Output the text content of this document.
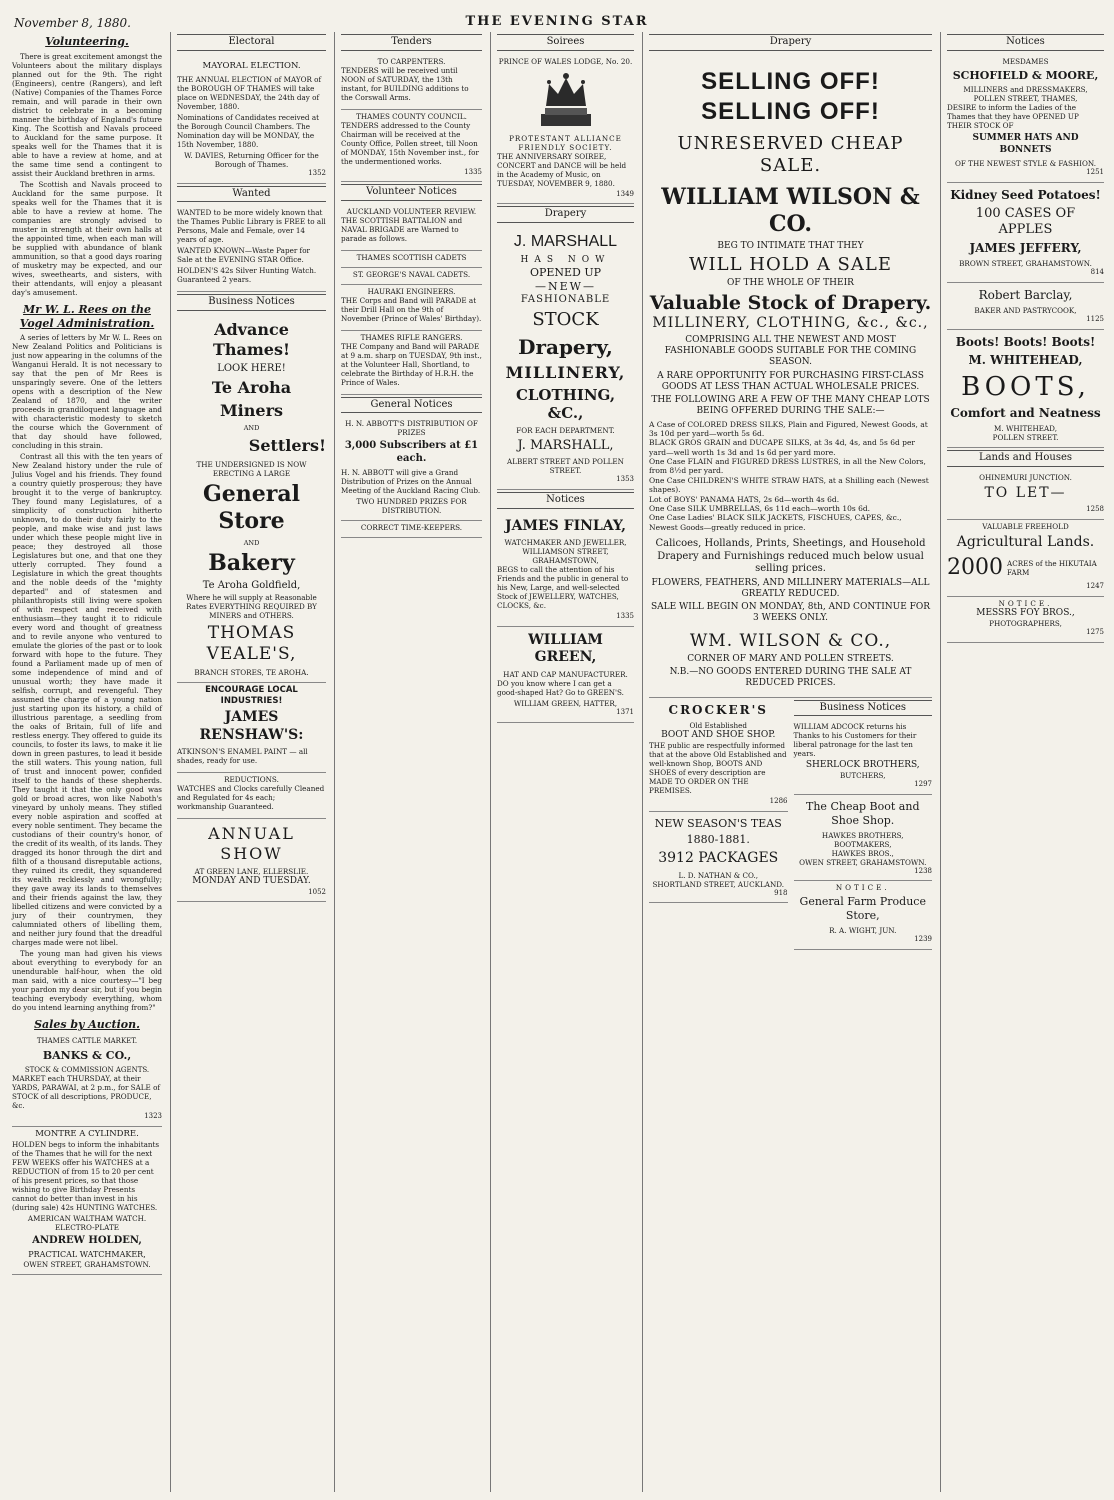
November 8, 1880.	THE EVENING STAR
Volunteering.

There is great excitement amongst the Volunteers about the military displays planned out for the 9th. The right (Engineers), centre (Rangers), and left (Native) Companies of the Thames Force remain, and will parade in their own district to celebrate in a becoming manner the birthday of England's future King. The Scottish and Navals proceed to Auckland for the same purpose. It speaks well for the Thames that it is able to have a review at home, and at the same time send a contingent to assist their Auckland brethren in arms.

The Scottish and Navals proceed to Auckland for the same purpose. It speaks well for the Thames that it is able to have a review at home. The companies are strongly advised to muster in strength at their own halls at the appointed time, when each man will be supplied with abundance of blank ammunition, so that a good days roaring of musketry may be expected, and our wives, sweethearts, and sisters, with their attendants, will enjoy a pleasant day's amusement.

Mr W. L. Rees on the Vogel Administration.

A series of letters by Mr W. L. Rees on New Zealand Politics and Politicians is just now appearing in the columns of the Wanganui Herald. It is not necessary to say that the pen of Mr Rees is unsparingly severe. One of the letters opens with a description of the New Zealand of 1870, and the writer proceeds in grandiloquent language and with characteristic modesty to sketch the course which the Government of that day should have followed, concluding in this strain.

Contrast all this with the ten years of New Zealand history under the rule of Julius Vogel and his friends. They found a country quietly prosperous; they have brought it to the verge of bankruptcy. They found many Legislatures, of a simplicity of construction hitherto unknown, to do their duty fairly to the people, and make wise and just laws under which these people might live in peace; they destroyed all those Legislatures but one, and that one they utterly corrupted. They found a Legislature in which the great thoughts and the noble deeds of the "mighty departed" and of statesmen and philanthropists still living were spoken of with respect and received with enthusiasm—they taught it to ridicule every word and thought of greatness and to revile anyone who ventured to emulate the glories of the past or to look forward with hope to the future. They found a Parliament made up of men of some independence of mind and of unusual worth; they have made it selfish, corrupt, and revengeful. They assumed the charge of a young nation just starting upon its history, a child of illustrious parentage, a seedling from the oaks of Britain, full of life and restless energy. They offered to guide its councils, to foster its laws, to make it lie down in green pastures, to lead it beside the still waters. This young nation, full of trust and innocent power, confided itself to the hands of these shepherds. They taught it that the only good was gold or broad acres, won like Naboth's vineyard by unholy means. They stifled every noble aspiration and scoffed at every noble sentiment. They became the custodians of their country's honor, of the credit of its wealth, of its lands. They dragged its honor through the dirt and filth of a thousand disreputable actions, they ruined its credit, they squandered its wealth recklessly and wrongfully; they gave away its lands to themselves and their friends against the law, they libelled citizens and were convicted by a jury of their countrymen, they calumniated others of libelling them, and neither jury found that the dreadful charges made were not libel.

The young man had given his views about everything to everybody for an unendurable half-hour, when the old man said, with a nice courtesy—"I beg your pardon my dear sir, but if you begin teaching everybody everything, whom do you intend learning anything from?"

Sales by Auction.
THAMES CATTLE MARKET.
BANKS & CO.,
STOCK & COMMISSION AGENTS.

MARKET each THURSDAY, at their YARDS, PARAWAI, at 2 p.m., for SALE of STOCK of all descriptions, PRODUCE, &c.

1323
MONTRE A CYLINDRE.

HOLDEN begs to inform the inhabitants of the Thames that he will for the next FEW WEEKS offer his WATCHES at a REDUCTION of from 15 to 20 per cent of his present prices, so that those wishing to give Birthday Presents cannot do better than invest in his (during sale) 42s HUNTING WATCHES.

AMERICAN WALTHAM WATCH.
ELECTRO-PLATE
ANDREW HOLDEN,
PRACTICAL WATCHMAKER,
OWEN STREET, GRAHAMSTOWN.
Electoral
MAYORAL ELECTION.

THE ANNUAL ELECTION of MAYOR of the BOROUGH OF THAMES will take place on WEDNESDAY, the 24th day of November, 1880.

Nominations of Candidates received at the Borough Council Chambers. The Nomination day will be MONDAY, the 15th November, 1880.

W. DAVIES, Returning Officer for the Borough of Thames.
1352
Wanted

WANTED to be more widely known that the Thames Public Library is FREE to all Persons, Male and Female, over 14 years of age.

WANTED KNOWN—Waste Paper for Sale at the EVENING STAR Office.

HOLDEN'S 42s Silver Hunting Watch. Guaranteed 2 years.

Business Notices
Advance Thames!
LOOK HERE!
Te Aroha
Miners
AND
Settlers!
THE UNDERSIGNED IS NOW ERECTING A LARGE
General Store
AND
Bakery
Te Aroha Goldfield,
Where he will supply at Reasonable Rates EVERYTHING REQUIRED BY MINERS and OTHERS.
THOMAS VEALE'S,
BRANCH STORES, TE AROHA.
ENCOURAGE LOCAL INDUSTRIES!
JAMES RENSHAW'S:

ATKINSON'S ENAMEL PAINT — all shades, ready for use.

REDUCTIONS.

WATCHES and Clocks carefully Cleaned and Regulated for 4s each; workmanship Guaranteed.

ANNUAL SHOW
AT GREEN LANE, ELLERSLIE.
MONDAY AND TUESDAY.
1052
Tenders
TO CARPENTERS.

TENDERS will be received until NOON of SATURDAY, the 13th instant, for BUILDING additions to the Corswall Arms.

THAMES COUNTY COUNCIL.

TENDERS addressed to the County Chairman will be received at the County Office, Pollen street, till Noon of MONDAY, 15th November inst., for the undermentioned works.

1335
Volunteer Notices
AUCKLAND VOLUNTEER REVIEW.

THE SCOTTISH BATTALION and NAVAL BRIGADE are Warned to parade as follows.

THAMES SCOTTISH CADETS
ST. GEORGE'S NAVAL CADETS.
HAURAKI ENGINEERS.

THE Corps and Band will PARADE at their Drill Hall on the 9th of November (Prince of Wales' Birthday).

THAMES RIFLE RANGERS.

THE Company and Band will PARADE at 9 a.m. sharp on TUESDAY, 9th inst., at the Volunteer Hall, Shortland, to celebrate the Birthday of H.R.H. the Prince of Wales.

General Notices
H. N. ABBOTT'S DISTRIBUTION OF PRIZES
3,000 Subscribers at £1 each.

H. N. ABBOTT will give a Grand Distribution of Prizes on the Annual Meeting of the Auckland Racing Club.

TWO HUNDRED PRIZES FOR DISTRIBUTION.
CORRECT TIME-KEEPERS.
Soirees
PRINCE OF WALES LODGE, No. 20.
PROTESTANT ALLIANCE FRIENDLY SOCIETY.

THE ANNIVERSARY SOIREE, CONCERT and DANCE will be held in the Academy of Music, on TUESDAY, NOVEMBER 9, 1880.

1349
Drapery
J. MARSHALL
HAS NOW
OPENED UP
—NEW—
FASHIONABLE
STOCK
Drapery,
MILLINERY,
CLOTHING, &C.,
FOR EACH DEPARTMENT.
J. MARSHALL,
ALBERT STREET AND POLLEN STREET.
1353
Notices
JAMES FINLAY,
WATCHMAKER AND JEWELLER,
WILLIAMSON STREET, GRAHAMSTOWN,

BEGS to call the attention of his Friends and the public in general to his New, Large, and well-selected Stock of JEWELLERY, WATCHES, CLOCKS, &c.

1335
WILLIAM GREEN,
HAT AND CAP MANUFACTURER.

DO you know where I can get a good-shaped Hat? Go to GREEN'S.

WILLIAM GREEN, HATTER,
1371
Drapery
SELLING OFF! SELLING OFF!
UNRESERVED CHEAP SALE.
WILLIAM WILSON & CO.
BEG TO INTIMATE THAT THEY
WILL HOLD A SALE
OF THE WHOLE OF THEIR
Valuable Stock of Drapery.
MILLINERY, CLOTHING, &c., &c.,
COMPRISING ALL THE NEWEST AND MOST FASHIONABLE GOODS SUITABLE FOR THE COMING SEASON.
A RARE OPPORTUNITY FOR PURCHASING FIRST-CLASS GOODS AT LESS THAN ACTUAL WHOLESALE PRICES.
THE FOLLOWING ARE A FEW OF THE MANY CHEAP LOTS BEING OFFERED DURING THE SALE:—

A Case of COLORED DRESS SILKS, Plain and Figured, Newest Goods, at 3s 10d per yard—worth 5s 6d.

BLACK GROS GRAIN and DUCAPE SILKS, at 3s 4d, 4s, and 5s 6d per yard—well worth 1s 3d and 1s 6d per yard more.

One Case FLAIN and FIGURED DRESS LUSTRES, in all the New Colors, from 8½d per yard.

One Case CHILDREN'S WHITE STRAW HATS, at a Shilling each (Newest shapes).

Lot of BOYS' PANAMA HATS, 2s 6d—worth 4s 6d.

One Case SILK UMBRELLAS, 6s 11d each—worth 10s 6d.

One Case Ladies' BLACK SILK JACKETS, FISCHUES, CAPES, &c., Newest Goods—greatly reduced in price.

Calicoes, Hollands, Prints, Sheetings, and Household Drapery and Furnishings reduced much below usual selling prices.
FLOWERS, FEATHERS, AND MILLINERY MATERIALS—ALL GREATLY REDUCED.
SALE WILL BEGIN ON MONDAY, 8th, AND CONTINUE FOR 3 WEEKS ONLY.
WM. WILSON & CO.,
CORNER OF MARY AND POLLEN STREETS.
N.B.—NO GOODS ENTERED DURING THE SALE AT REDUCED PRICES.
CROCKER'S
Old Established
BOOT AND SHOE SHOP.

THE public are respectfully informed that at the above Old Established and well-known Shop, BOOTS AND SHOES of every description are MADE TO ORDER ON THE PREMISES.

1286
NEW SEASON'S TEAS
1880-1881.
3912 PACKAGES
L. D. NATHAN & CO.,
SHORTLAND STREET, AUCKLAND.
918
Business Notices

WILLIAM ADCOCK returns his Thanks to his Customers for their liberal patronage for the last ten years.

SHERLOCK BROTHERS,
BUTCHERS,
1297
The Cheap Boot and Shoe Shop.
HAWKES BROTHERS,
BOOTMAKERS,
HAWKES BROS.,
OWEN STREET, GRAHAMSTOWN.
1238
NOTICE.
General Farm Produce Store,
R. A. WIGHT, JUN.
1239
Notices
MESDAMES
SCHOFIELD & MOORE,
MILLINERS and DRESSMAKERS,
POLLEN STREET, THAMES,

DESIRE to inform the Ladies of the Thames that they have OPENED UP THEIR STOCK OF

SUMMER HATS AND BONNETS
OF THE NEWEST STYLE & FASHION.
1251
Kidney Seed Potatoes!
100 CASES OF APPLES
JAMES JEFFERY,
BROWN STREET, GRAHAMSTOWN.
814
Robert Barclay,
BAKER AND PASTRYCOOK,
1125
Boots! Boots! Boots!
M. WHITEHEAD,
BOOTS,
Comfort and Neatness
M. WHITEHEAD,
POLLEN STREET.
Lands and Houses
OHINEMURI JUNCTION.
TO LET—
1258
VALUABLE FREEHOLD
Agricultural Lands.
2000 ACRES of the HIKUTAIA FARM
1247
NOTICE.
MESSRS FOY BROS.,
PHOTOGRAPHERS,
1275
